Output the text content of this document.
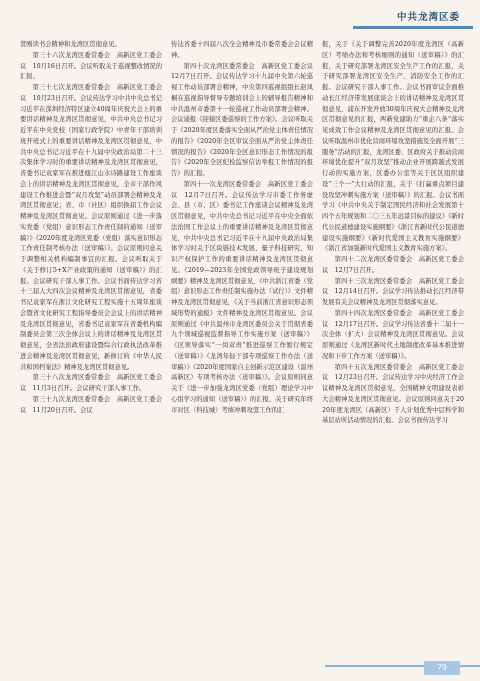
中共龙湾区委

贤刚读书会精神和龙湾区贯彻意见。

第三十六次龙湾区委常委会　高新区党工委会议　10月16日召开。会议听取关于巡视整改情况的汇报。

第三十七次龙湾区委常委会　高新区党工委会议　10月23日召开。会议传达学习中共中央总书记习近平在深圳经济特区建立40周年庆祝大会上的重要讲话精神及龙湾区贯彻意见，中共中央总书记习近平在中央党校（国家行政学院）中青年干部培训班开班式上的重要讲话精神及龙湾区贯彻意见，中共中央总书记习近平在十九届中央政治局第二十三次集体学习时的重要讲话精神及龙湾区贯彻意见，省委书记袁家军在推进瓯江山水诗路建设工作座谈会上的讲话精神及龙湾区贯彻意见，全市干部作风建设工作推进会暨“双月攻坚”动员部署会精神及龙湾区贯彻意见；省、市（社区）组织换届工作会议精神及龙湾区贯彻意见。会议原则通过《进一步落实党委（党组）意识形态工作责任制的通知（送审稿）》《2020年度龙湾区党委（党组）落实意识形态工作责任制考核办法（送审稿）》。会议原则同意关于调整相关机构编制事宜的汇报。会议听取关于《关于修订5+X产业政策的通知（送审稿）》的汇报。会议研究干部人事工作。会议书面传达学习省十三届人大四次会议精神及龙湾区贯彻意见，省委书记袁家军在浙江文化研究工程实施十五周年座谈会暨省文化研究工程指导委员会会议上的讲话精神及龙湾区贯彻意见，省委书记袁家军在省委机构编制委员会第三次全体会议上的讲话精神及龙湾区贯彻意见，全省法治政府建设暨综合行政执法改革推进会精神及龙湾区贯彻意见，新修订的《中华人民共和国档案法》精神及龙湾区贯彻意见。

第三十八次龙湾区委常委会　高新区党工委会议　11月3日召开。会议研究干部人事工作。

第三十九次龙湾区委常委会　高新区党工委会议　11月20日召开。会议

传达省委十四届八次全会精神及市委常委会会议精神。

第四十次龙湾区委常委会　高新区党工委会议　12月7日召开。会议传达学习十九届中央第六轮巡视工作动员部署会精神，中央第四巡视组组长赵凤桐在巡视指导督导专题培训会上的辅导报告精神和中共温州市委第十一轮巡视工作动员部署会精神。会议通报《迎接区委巡察的工作方案》。会议听取关于《2020年度区委落实全面从严治党主体责任情况的报告》《2020年全区审议全面从严治党主体责任情况的报告》《2020年全区意识形态工作情况的报告》《2020年全区纪检监察信访举报工作情况的报告》的汇报。

第四十一次龙湾区委常委会　高新区党工委会议　12月7日召开。会议传达学习市委工作务虚会、县（市、区）委书记工作座谈会议精神及龙湾区贯彻意见，中共中央总书记习近平在中央全面依法治国工作会议上的重要讲话精神及龙湾区贯彻意见，中共中央总书记习近平在十九届中央政治局集体学习时关于区块链技术发展、量子科技研究、知识产权保护工作的重要讲话精神及龙湾区贯彻意见。《2019—2023年全国党政领导班子建设规划纲要》精神及龙湾区贯彻意见，《中共浙江省委（党组）意识形态工作责任制实施办法（试行）》文件精神及龙湾区贯彻意见，《关于当前浙江省意识形态领域形势的通报》文件精神及龙湾区贯彻意见。会议原则通过《中共温州市龙湾区委员会关于贯彻省委九个领域巡视监督指导工作实施方案（送审稿）》《区领导落实“一岗双责”推进巡察工作暂行规定（送审稿）》《龙湾年轻干部专项巡察工作办法（送审稿）》《2020年度国家自主创新示范区建设（温州高新区）专项考核办法（送审稿）》。会议原则同意关于《进一步加强龙湾区党委（党组）理论学习中心组学习的通知（送审稿）》的汇报，关于研究年终市对区（科技城）考绩冲刺攻坚工作的汇

报，关于《关于调整完善2020年度龙湾区（高新区）考绩办法和考核细则的通知（送审稿）》的汇报，关于研究部署龙湾区安全生产工作的汇报，关于研究部署龙湾区安全生产、消防安全工作的汇报。会议研究干部人事工作。会议书面审议全面推动长江经济带发展座谈会上的讲话精神及龙湾区贯彻意见，浦东开发开放30周年庆祝大会精神及龙湾区贯彻意见的汇报，两新党建助力“重企八条”落实见成效工作会议精神及龙湾区贯彻意见的汇报。会议听取温州市优化营商环境攻坚措施及全面开展“三服务”活动的汇报，龙湾区委、区政府关于推动营商环境优化提升“双月攻坚”推动企业开展跨越式发展行动的实施方案，区委办公室等关于区区组织建设“三个一”大行动的汇报，关于《打赢重点项目建设攻坚冲刺实施方案（送审稿）》的汇报。会议书面学习《中共中央关于制定国民经济和社会发展第十四个五年规划和二〇三五年远景目标的建议》《新时代公民道德建设实施纲要》《浙江省新时代公民道德建设实施纲要》《新时代爱国主义教育实施纲要》《浙江省加强新时代爱国主义教育实施方案》。

第四十二次龙湾区委常委会　高新区党工委会议　12月7日召开。

第四十三次龙湾区委常委会　高新区党工委会议　12月14日召开。会议学习传达推动长江经济带发展有关会议精神及龙湾区贯彻落实意见。

第四十四次龙湾区委常委会　高新区党工委会议　12月17日召开。会议学习传达省委十二届十一次全体（扩大）会议精神及龙湾区贯彻意见。会议原则通过《龙湾区新时代土地制度改革基本推进情况和下步工作方案（送审稿）》。

第四十五次龙湾区委常委会　高新区党工委会议　12月23日召开。会议传达学习中央经济工作会议精神及龙湾区贯彻意见，全国精神文明建设表彰大会精神及龙湾区贯彻意见。会议原则同意关于2020年度龙湾区（高新区）千人计划优秀中层科学和基层站所活动情况的汇报。会议书面传达学习

79
